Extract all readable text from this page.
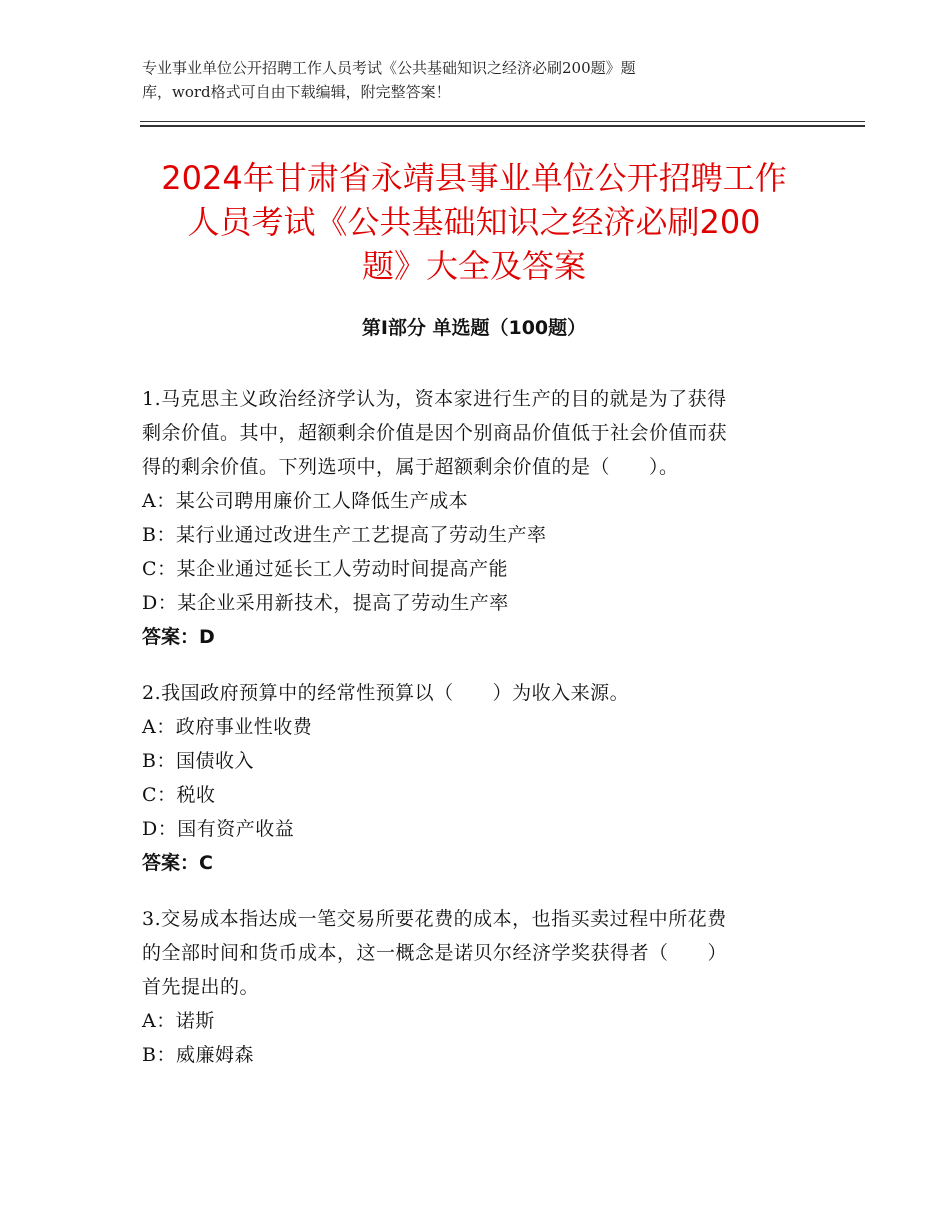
专业事业单位公开招聘工作人员考试《公共基础知识之经济必刷200题》题
库，word格式可自由下载编辑，附完整答案！
2024年甘肃省永靖县事业单位公开招聘工作
人员考试《公共基础知识之经济必刷200
题》大全及答案
第Ⅰ部分 单选题（100题）
1.马克思主义政治经济学认为，资本家进行生产的目的就是为了获得
剩余价值。其中，超额剩余价值是因个别商品价值低于社会价值而获
得的剩余价值。下列选项中，属于超额剩余价值的是（　　）。
A：某公司聘用廉价工人降低生产成本
B：某行业通过改进生产工艺提高了劳动生产率
C：某企业通过延长工人劳动时间提高产能
D：某企业采用新技术，提高了劳动生产率
答案：D
2.我国政府预算中的经常性预算以（　　）为收入来源。
A：政府事业性收费
B：国债收入
C：税收
D：国有资产收益
答案：C
3.交易成本指达成一笔交易所要花费的成本，也指买卖过程中所花费
的全部时间和货币成本，这一概念是诺贝尔经济学奖获得者（　　）
首先提出的。
A：诺斯
B：威廉姆森
